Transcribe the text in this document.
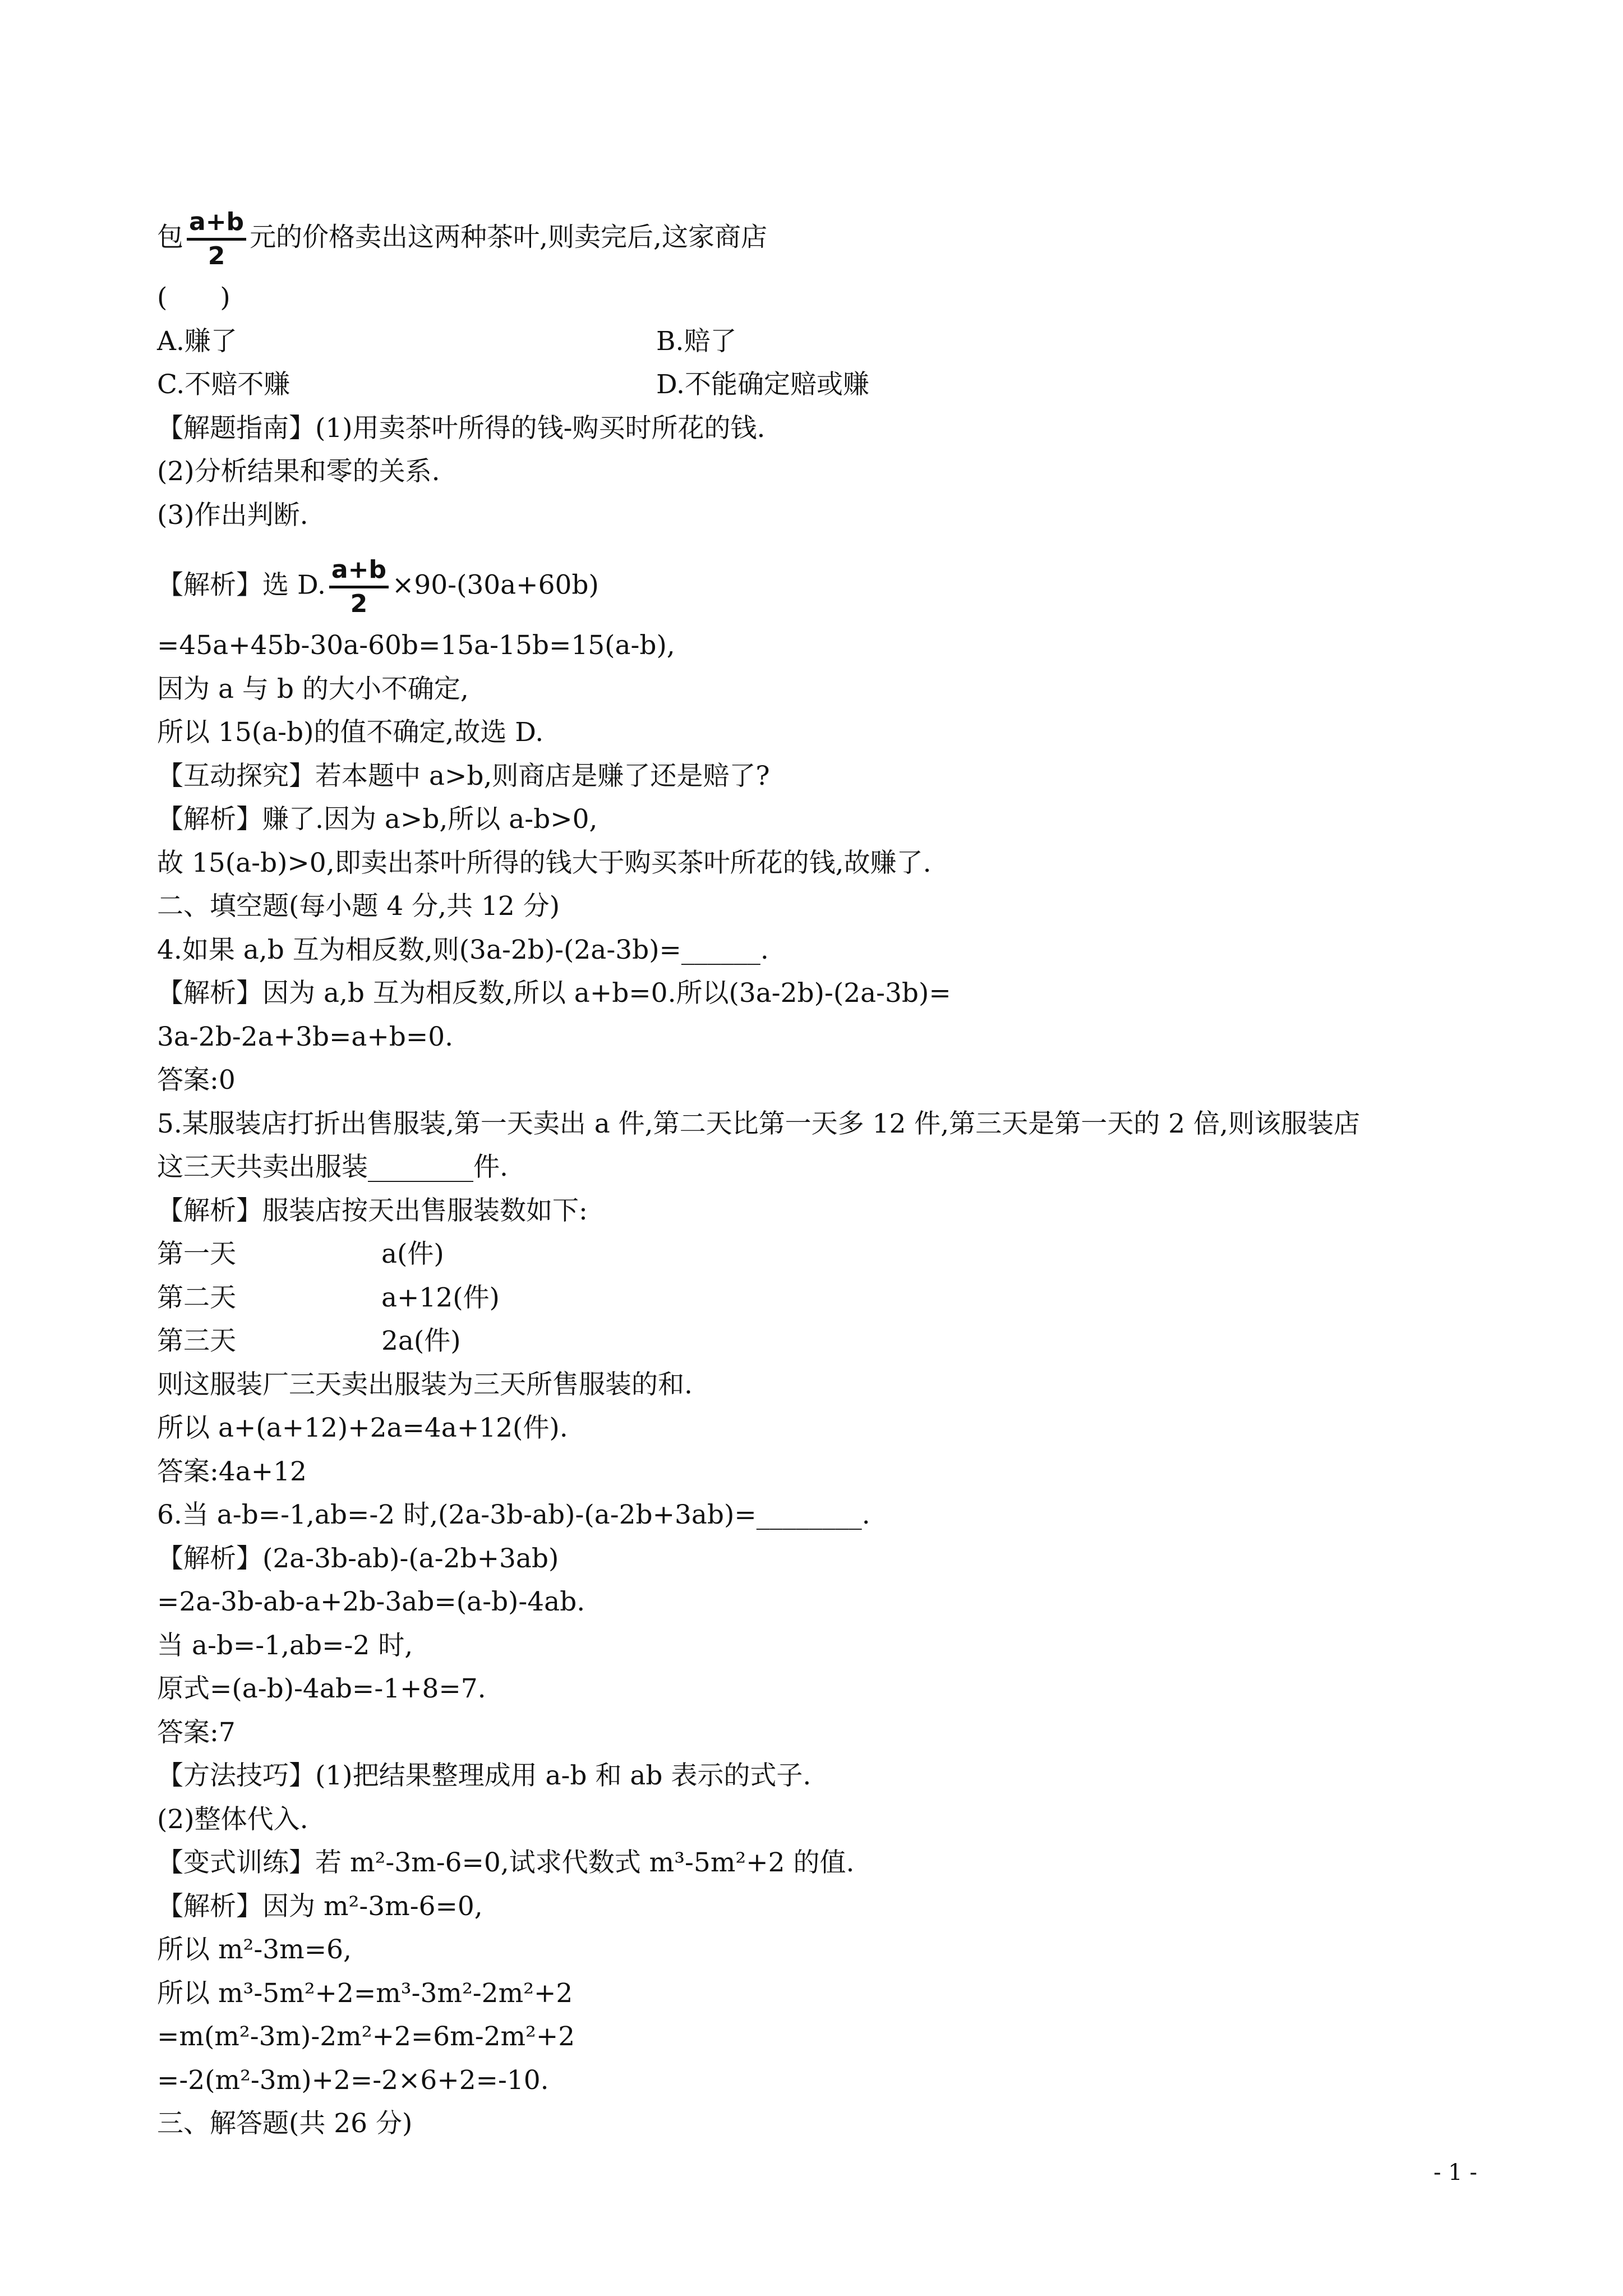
包 $\frac{a+b}{2}$ 元的价格卖出这两种茶叶,则卖完后,这家商店
(　　)
A.赚了	B.赔了
C.不赔不赚	D.不能确定赔或赚
【解题指南】(1)用卖茶叶所得的钱-购买时所花的钱.
(2)分析结果和零的关系.
(3)作出判断.
【解析】选 D. $\frac{a+b}{2} \times 90-(30a+60b)$
=45a+45b-30a-60b=15a-15b=15(a-b),
因为 a 与 b 的大小不确定,
所以 15(a-b)的值不确定,故选 D.
【互动探究】若本题中 a>b,则商店是赚了还是赔了?
【解析】赚了.因为 a>b,所以 a-b>0,
故 15(a-b)>0,即卖出茶叶所得的钱大于购买茶叶所花的钱,故赚了.
二、填空题(每小题 4 分,共 12 分)
4.如果 a,b 互为相反数,则(3a-2b)-(2a-3b)=______.
【解析】因为 a,b 互为相反数,所以 a+b=0.所以(3a-2b)-(2a-3b)=
3a-2b-2a+3b=a+b=0.
答案:0
5.某服装店打折出售服装,第一天卖出 a 件,第二天比第一天多 12 件,第三天是第一天的 2 倍,则该服装店
这三天共卖出服装________件.
【解析】服装店按天出售服装数如下:
第一天	a(件)
第二天	a+12(件)
第三天	2a(件)
则这服装厂三天卖出服装为三天所售服装的和.
所以 a+(a+12)+2a=4a+12(件).
答案:4a+12
6.当 a-b=-1,ab=-2 时,(2a-3b-ab)-(a-2b+3ab)=________.
【解析】(2a-3b-ab)-(a-2b+3ab)
=2a-3b-ab-a+2b-3ab=(a-b)-4ab.
当 a-b=-1,ab=-2 时,
原式=(a-b)-4ab=-1+8=7.
答案:7
【方法技巧】(1)把结果整理成用 a-b 和 ab 表示的式子.
(2)整体代入.
【变式训练】若 m²-3m-6=0,试求代数式 m³-5m²+2 的值.
【解析】因为 m²-3m-6=0,
所以 m²-3m=6,
所以 m³-5m²+2=m³-3m²-2m²+2
=m(m²-3m)-2m²+2=6m-2m²+2
=-2(m²-3m)+2=-2×6+2=-10.
三、解答题(共 26 分)
- 1 -
